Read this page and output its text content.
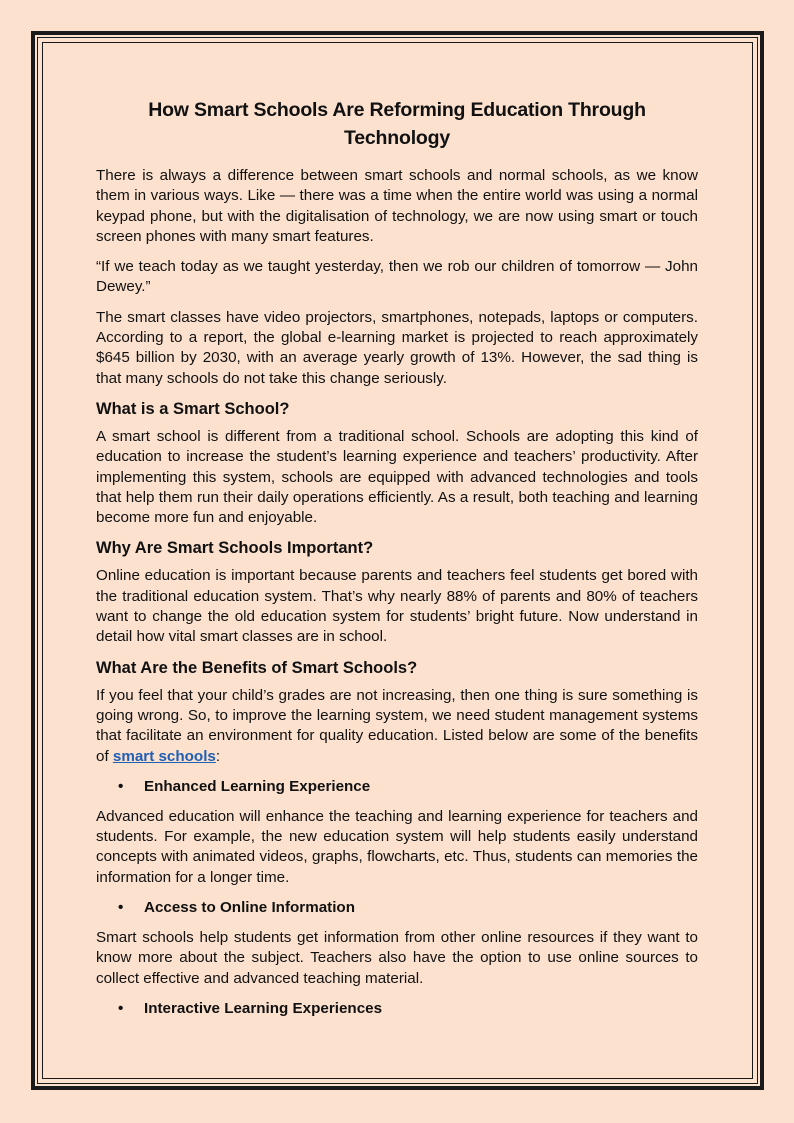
How Smart Schools Are Reforming Education Through Technology

There is always a difference between smart schools and normal schools, as we know them in various ways. Like — there was a time when the entire world was using a normal keypad phone, but with the digitalisation of technology, we are now using smart or touch screen phones with many smart features.

“If we teach today as we taught yesterday, then we rob our children of tomorrow — John Dewey.”

The smart classes have video projectors, smartphones, notepads, laptops or computers. According to a report, the global e-learning market is projected to reach approximately $645 billion by 2030, with an average yearly growth of 13%. However, the sad thing is that many schools do not take this change seriously.

What is a Smart School?

A smart school is different from a traditional school. Schools are adopting this kind of education to increase the student’s learning experience and teachers’ productivity. After implementing this system, schools are equipped with advanced technologies and tools that help them run their daily operations efficiently. As a result, both teaching and learning become more fun and enjoyable.

Why Are Smart Schools Important?

Online education is important because parents and teachers feel students get bored with the traditional education system. That’s why nearly 88% of parents and 80% of teachers want to change the old education system for students’ bright future. Now understand in detail how vital smart classes are in school.

What Are the Benefits of Smart Schools?

If you feel that your child’s grades are not increasing, then one thing is sure something is going wrong. So, to improve the learning system, we need student management systems that facilitate an environment for quality education. Listed below are some of the benefits of smart schools:

•	Enhanced Learning Experience

Advanced education will enhance the teaching and learning experience for teachers and students. For example, the new education system will help students easily understand concepts with animated videos, graphs, flowcharts, etc. Thus, students can memories the information for a longer time.

•	Access to Online Information

Smart schools help students get information from other online resources if they want to know more about the subject. Teachers also have the option to use online sources to collect effective and advanced teaching material.

•	Interactive Learning Experiences
